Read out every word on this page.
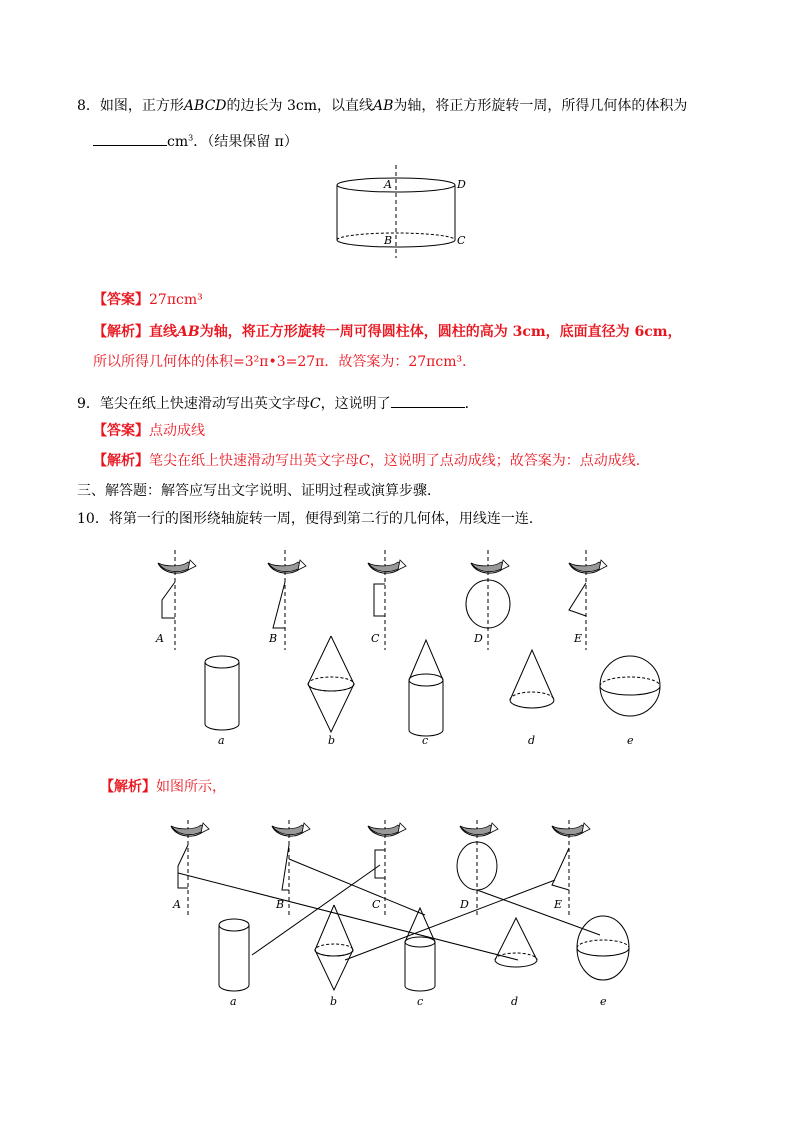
8．如图，正方形ABCD的边长为 3cm，以直线AB为轴，将正方形旋转一周，所得几何体的体积为
$cm^3$．（结果保留 π）
A	D
B	C
【答案】27πcm³
【解析】直线AB为轴，将正方形旋转一周可得圆柱体，圆柱的高为 3cm，底面直径为 6cm，
所以所得几何体的体积=3²π•3=27π．故答案为：27πcm³．
9．笔尖在纸上快速滑动写出英文字母C，这说明了	．
【答案】点动成线
【解析】笔尖在纸上快速滑动写出英文字母C，这说明了点动成线；故答案为：点动成线.
三、解答题：解答应写出文字说明、证明过程或演算步骤．
10．将第一行的图形绕轴旋转一周，便得到第二行的几何体，用线连一连．
A	B	C	D	E
a	b	c	d	e
【解析】如图所示，
A	B	C	D	E
a	b	c	d	e
